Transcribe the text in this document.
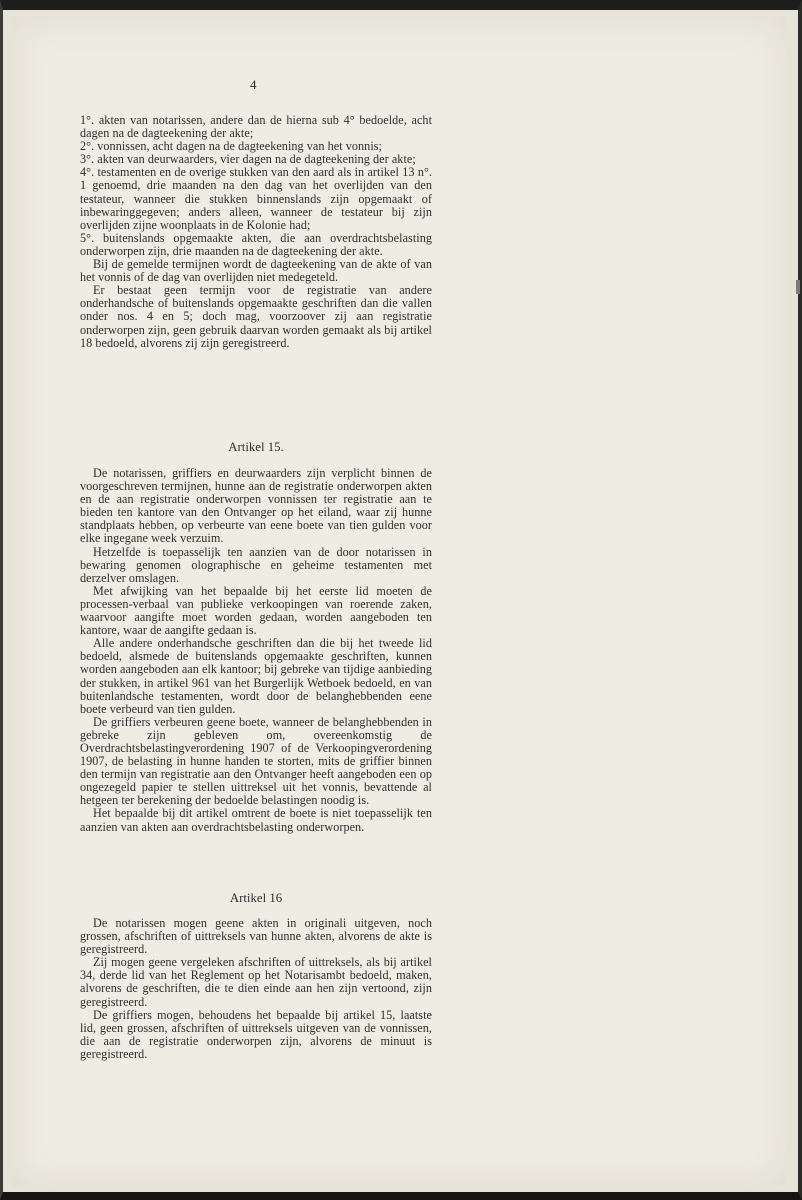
4

1°. akten van notarissen, andere dan de hierna sub 4° bedoelde, acht dagen na de dagteekening der akte;

2°. vonnissen, acht dagen na de dagteekening van het vonnis;

3°. akten van deurwaarders, vier dagen na de dagteekening der akte;

4°. testamenten en de overige stukken van den aard als in artikel 13 n°. 1 genoemd, drie maanden na den dag van het overlijden van den testateur, wanneer die stukken binnenslands zijn opgemaakt of inbewaringgegeven; anders alleen, wanneer de testateur bij zijn overlijden zijne woonplaats in de Kolonie had;

5°. buitenslands opgemaakte akten, die aan overdrachtsbelasting onderworpen zijn, drie maanden na de dagteekening der akte.

Bij de gemelde termijnen wordt de dagteekening van de akte of van het vonnis of de dag van overlijden niet medegeteld.

Er bestaat geen termijn voor de registratie van andere onderhandsche of buitenslands opgemaakte geschriften dan die vallen onder nos. 4 en 5; doch mag, voorzoover zij aan registratie onderworpen zijn, geen gebruik daarvan worden gemaakt als bij artikel 18 bedoeld, alvorens zij zijn geregistreerd.

Artikel 15.

De notarissen, griffiers en deurwaarders zijn verplicht binnen de voorgeschreven termijnen, hunne aan de registratie onderworpen akten en de aan registratie onderworpen vonnissen ter registratie aan te bieden ten kantore van den Ontvanger op het eiland, waar zij hunne standplaats hebben, op verbeurte van eene boete van tien gulden voor elke ingegane week verzuim.

Hetzelfde is toepasselijk ten aanzien van de door notarissen in bewaring genomen olographische en geheime testamenten met derzelver omslagen.

Met afwijking van het bepaalde bij het eerste lid moeten de processen-verbaal van publieke verkoopingen van roerende zaken, waarvoor aangifte moet worden gedaan, worden aangeboden ten kantore, waar de aangifte gedaan is.

Alle andere onderhandsche geschriften dan die bij het tweede lid bedoeld, alsmede de buitenslands opgemaakte geschriften, kunnen worden aangeboden aan elk kantoor; bij gebreke van tijdige aanbieding der stukken, in artikel 961 van het Burgerlijk Wetboek bedoeld, en van buitenlandsche testamenten, wordt door de belanghebbenden eene boete verbeurd van tien gulden.

De griffiers verbeuren geene boete, wanneer de belanghebbenden in gebreke zijn gebleven om, overeenkomstig de Overdrachtsbelastingverordening 1907 of de Verkoopingverordening 1907, de belasting in hunne handen te storten, mits de griffier binnen den termijn van registratie aan den Ontvanger heeft aangeboden een op ongezegeld papier te stellen uittreksel uit het vonnis, bevattende al hetgeen ter berekening der bedoelde belastingen noodig is.

Het bepaalde bij dit artikel omtrent de boete is niet toepasselijk ten aanzien van akten aan overdrachtsbelasting onderworpen.

Artikel 16

De notarissen mogen geene akten in originali uitgeven, noch grossen, afschriften of uittreksels van hunne akten, alvorens de akte is geregistreerd.

Zij mogen geene vergeleken afschriften of uittreksels, als bij artikel 34, derde lid van het Reglement op het Notarisambt bedoeld, maken, alvorens de geschriften, die te dien einde aan hen zijn vertoond, zijn geregistreerd.

De griffiers mogen, behoudens het bepaalde bij artikel 15, laatste lid, geen grossen, afschriften of uittreksels uitgeven van de vonnissen, die aan de registratie onderworpen zijn, alvorens de minuut is geregistreerd.
